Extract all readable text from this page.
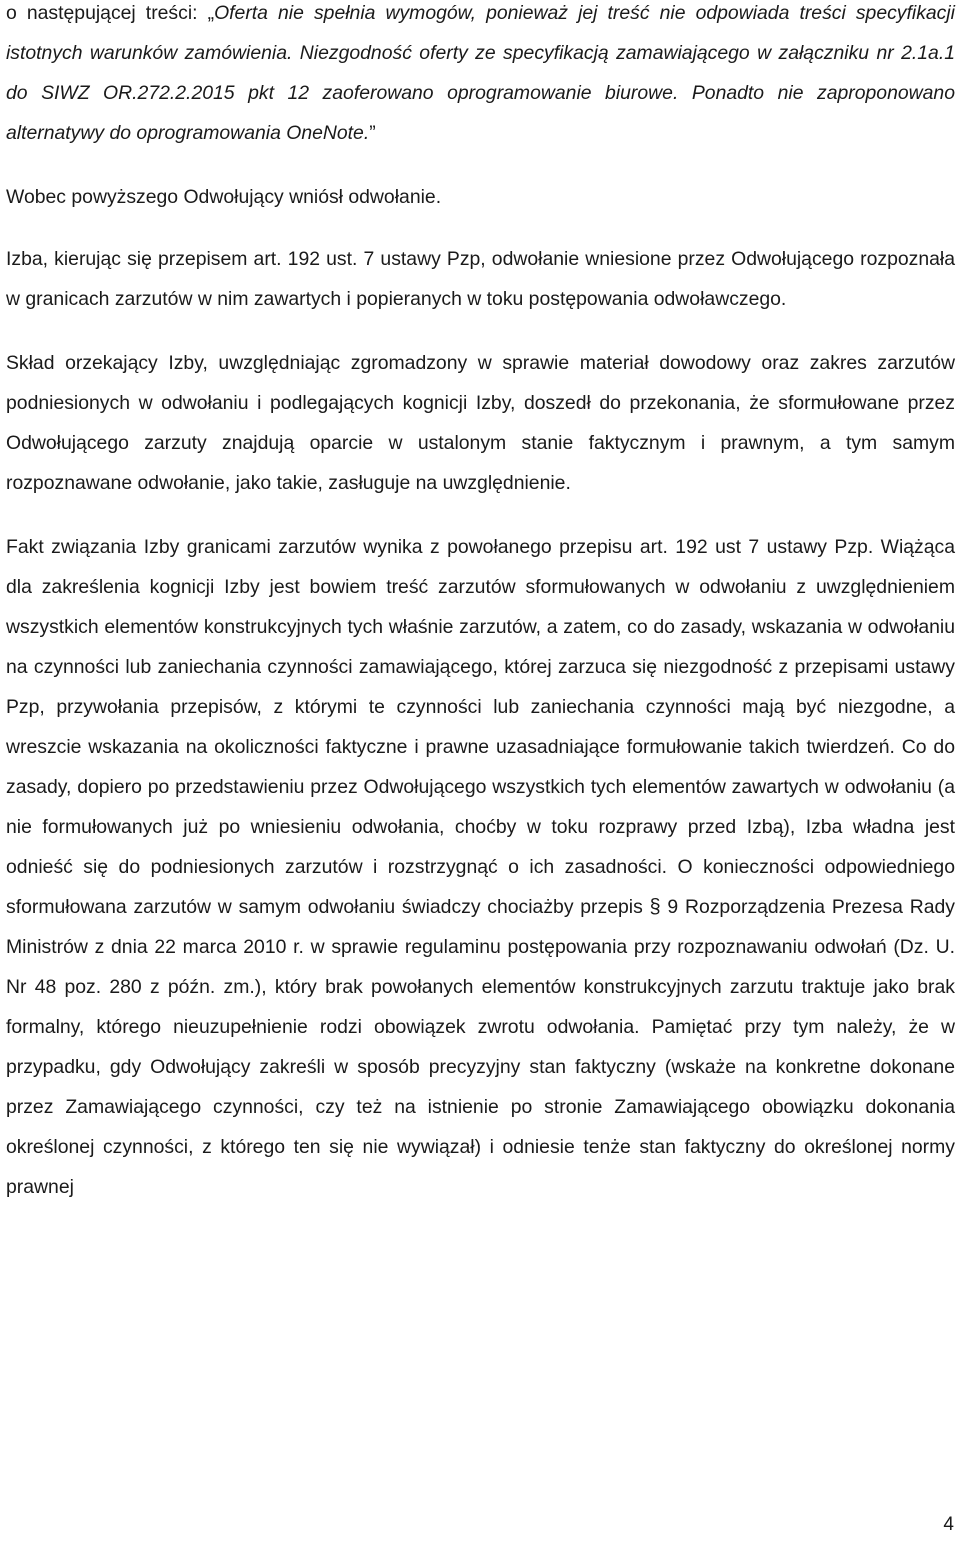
o następującej treści: „Oferta nie spełnia wymogów, ponieważ jej treść nie odpowiada treści specyfikacji istotnych warunków zamówienia. Niezgodność oferty ze specyfikacją zamawiającego w załączniku nr 2.1a.1 do SIWZ OR.272.2.2015 pkt 12 zaoferowano oprogramowanie biurowe. Ponadto nie zaproponowano alternatywy do oprogramowania OneNote.”

Wobec powyższego Odwołujący wniósł odwołanie.

Izba, kierując się przepisem art. 192 ust. 7 ustawy Pzp, odwołanie wniesione przez Odwołującego rozpoznała w granicach zarzutów w nim zawartych i popieranych w toku postępowania odwoławczego.

Skład orzekający Izby, uwzględniając zgromadzony w sprawie materiał dowodowy oraz zakres zarzutów podniesionych w odwołaniu i podlegających kognicji Izby, doszedł do przekonania, że sformułowane przez Odwołującego zarzuty znajdują oparcie w ustalonym stanie faktycznym i prawnym, a tym samym rozpoznawane odwołanie, jako takie, zasługuje na uwzględnienie.

Fakt związania Izby granicami zarzutów wynika z powołanego przepisu art. 192 ust 7 ustawy Pzp. Wiążąca dla zakreślenia kognicji Izby jest bowiem treść zarzutów sformułowanych w odwołaniu z uwzględnieniem wszystkich elementów konstrukcyjnych tych właśnie zarzutów, a zatem, co do zasady, wskazania w odwołaniu na czynności lub zaniechania czynności zamawiającego, której zarzuca się niezgodność z przepisami ustawy Pzp, przywołania przepisów, z którymi te czynności lub zaniechania czynności mają być niezgodne, a wreszcie wskazania na okoliczności faktyczne i prawne uzasadniające formułowanie takich twierdzeń. Co do zasady, dopiero po przedstawieniu przez Odwołującego wszystkich tych elementów zawartych w odwołaniu (a nie formułowanych już po wniesieniu odwołania, choćby w toku rozprawy przed Izbą), Izba władna jest odnieść się do podniesionych zarzutów i rozstrzygnąć o ich zasadności. O konieczności odpowiedniego sformułowana zarzutów w samym odwołaniu świadczy chociażby przepis § 9 Rozporządzenia Prezesa Rady Ministrów z dnia 22 marca 2010 r. w sprawie regulaminu postępowania przy rozpoznawaniu odwołań (Dz. U. Nr 48 poz. 280 z późn. zm.), który brak powołanych elementów konstrukcyjnych zarzutu traktuje jako brak formalny, którego nieuzupełnienie rodzi obowiązek zwrotu odwołania. Pamiętać przy tym należy, że w przypadku, gdy Odwołujący zakreśli w sposób precyzyjny stan faktyczny (wskaże na konkretne dokonane przez Zamawiającego czynności, czy też na istnienie po stronie Zamawiającego obowiązku dokonania określonej czynności, z którego ten się nie wywiązał) i odniesie tenże stan faktyczny do określonej normy prawnej

4
